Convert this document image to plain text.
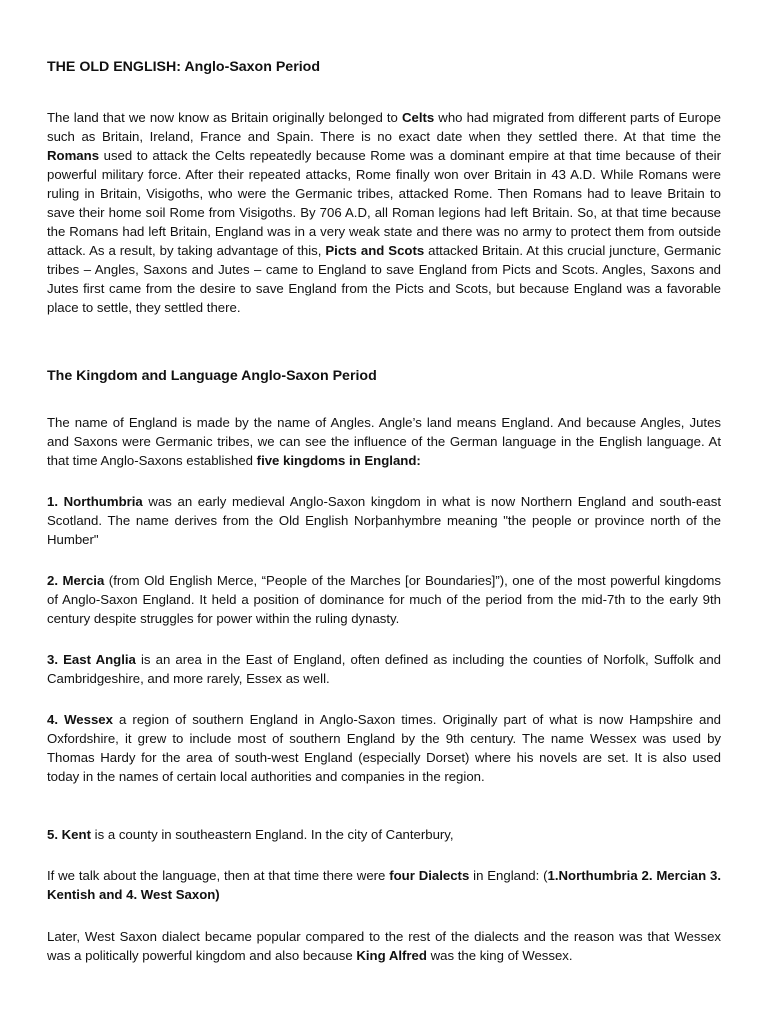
THE OLD ENGLISH: Anglo-Saxon Period

The land that we now know as Britain originally belonged to Celts who had migrated from different parts of Europe such as Britain, Ireland, France and Spain. There is no exact date when they settled there. At that time the Romans used to attack the Celts repeatedly because Rome was a dominant empire at that time because of their powerful military force. After their repeated attacks, Rome finally won over Britain in 43 A.D. While Romans were ruling in Britain, Visigoths, who were the Germanic tribes, attacked Rome. Then Romans had to leave Britain to save their home soil Rome from Visigoths. By 706 A.D, all Roman legions had left Britain. So, at that time because the Romans had left Britain, England was in a very weak state and there was no army to protect them from outside attack. As a result, by taking advantage of this, Picts and Scots attacked Britain. At this crucial juncture, Germanic tribes – Angles, Saxons and Jutes – came to England to save England from Picts and Scots. Angles, Saxons and Jutes first came from the desire to save England from the Picts and Scots, but because England was a favorable place to settle, they settled there.

The Kingdom and Language Anglo-Saxon Period

The name of England is made by the name of Angles. Angle’s land means England. And because Angles, Jutes and Saxons were Germanic tribes, we can see the influence of the German language in the English language. At that time Anglo-Saxons established five kingdoms in England:

1. Northumbria was an early medieval Anglo-Saxon kingdom in what is now Northern England and south-east Scotland. The name derives from the Old English Norþanhymbre meaning "the people or province north of the Humber"

2. Mercia (from Old English Merce, “People of the Marches [or Boundaries]”), one of the most powerful kingdoms of Anglo-Saxon England. It held a position of dominance for much of the period from the mid-7th to the early 9th century despite struggles for power within the ruling dynasty.

3. East Anglia is an area in the East of England, often defined as including the counties of Norfolk, Suffolk and Cambridgeshire, and more rarely, Essex as well.

4. Wessex a region of southern England in Anglo-Saxon times. Originally part of what is now Hampshire and Oxfordshire, it grew to include most of southern England by the 9th century. The name Wessex was used by Thomas Hardy for the area of south-west England (especially Dorset) where his novels are set. It is also used today in the names of certain local authorities and companies in the region.

5. Kent is a county in southeastern England. In the city of Canterbury,

If we talk about the language, then at that time there were four Dialects in England: (1.Northumbria 2. Mercian 3. Kentish and 4. West Saxon)

Later, West Saxon dialect became popular compared to the rest of the dialects and the reason was that Wessex was a politically powerful kingdom and also because King Alfred was the king of Wessex.
